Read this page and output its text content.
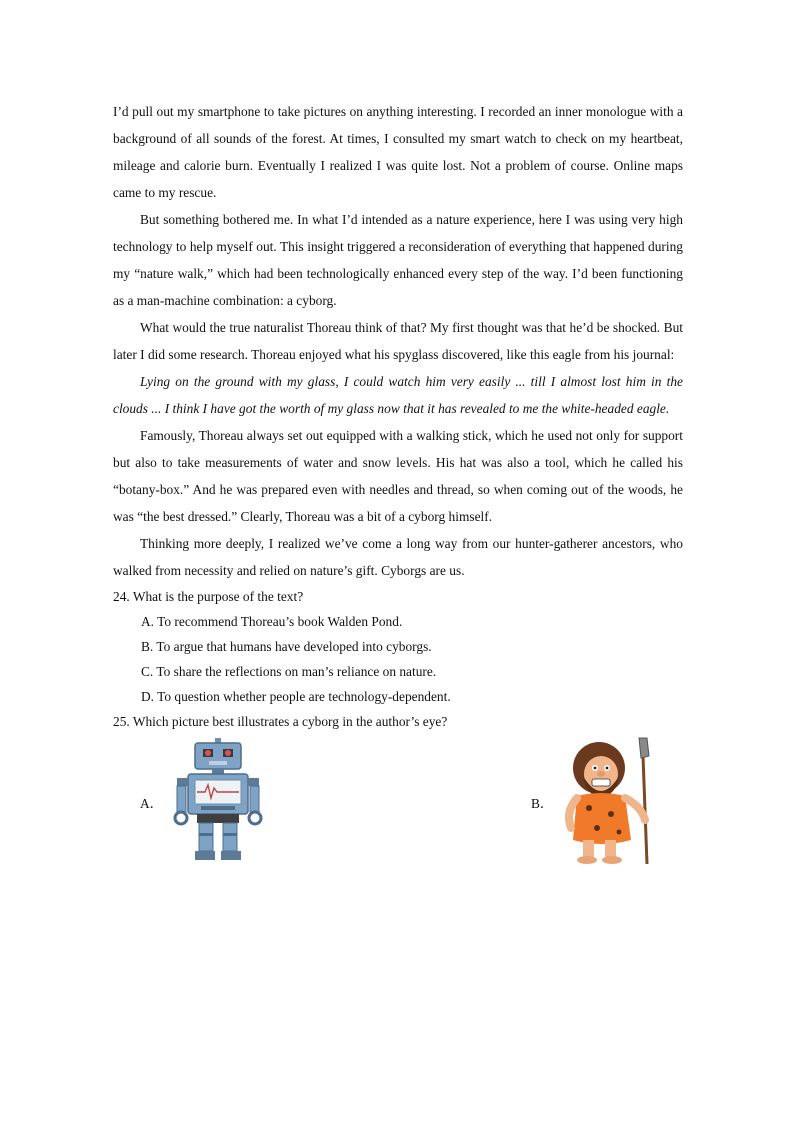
I’d pull out my smartphone to take pictures on anything interesting. I recorded an inner monologue with a background of all sounds of the forest. At times, I consulted my smart watch to check on my heartbeat, mileage and calorie burn. Eventually I realized I was quite lost. Not a problem of course. Online maps came to my rescue.

But something bothered me. In what I’d intended as a nature experience, here I was using very high technology to help myself out. This insight triggered a reconsideration of everything that happened during my “nature walk,” which had been technologically enhanced every step of the way. I’d been functioning as a man-machine combination: a cyborg.

What would the true naturalist Thoreau think of that? My first thought was that he’d be shocked. But later I did some research. Thoreau enjoyed what his spyglass discovered, like this eagle from his journal:

Lying on the ground with my glass, I could watch him very easily ... till I almost lost him in the clouds ... I think I have got the worth of my glass now that it has revealed to me the white-headed eagle.

Famously, Thoreau always set out equipped with a walking stick, which he used not only for support but also to take measurements of water and snow levels. His hat was also a tool, which he called his “botany-box.” And he was prepared even with needles and thread, so when coming out of the woods, he was “the best dressed.” Clearly, Thoreau was a bit of a cyborg himself.

Thinking more deeply, I realized we’ve come a long way from our hunter-gatherer ancestors, who walked from necessity and relied on nature’s gift. Cyborgs are us.

24. What is the purpose of the text?

A. To recommend Thoreau’s book Walden Pond.

B. To argue that humans have developed into cyborgs.

C. To share the reflections on man’s reliance on nature.

D. To question whether people are technology-dependent.

25. Which picture best illustrates a cyborg in the author’s eye?

A．	B．
